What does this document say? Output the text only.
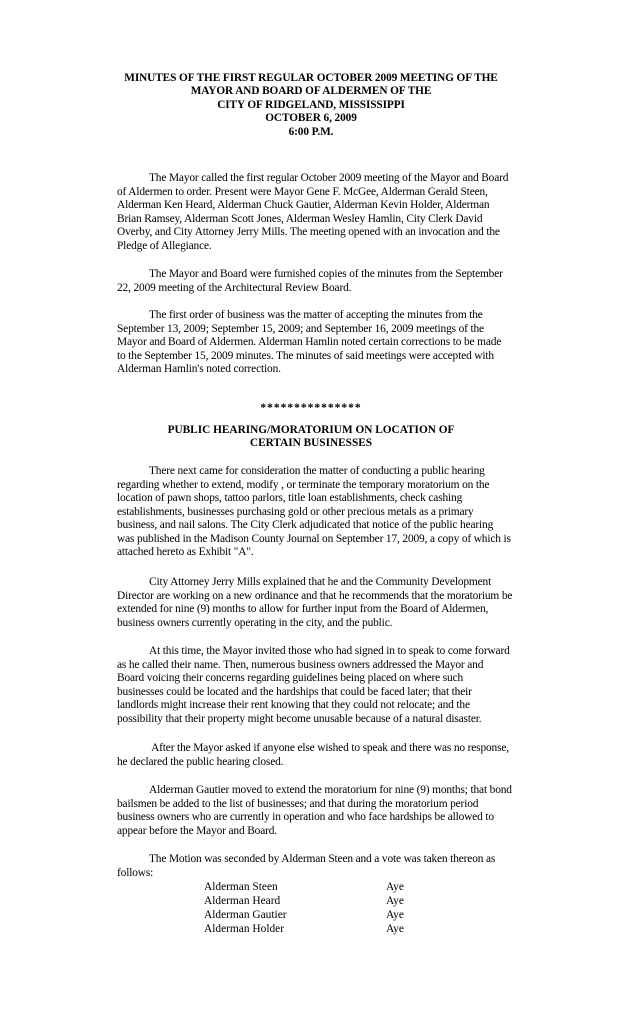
MINUTES OF THE FIRST REGULAR OCTOBER 2009 MEETING OF THE
MAYOR AND BOARD OF ALDERMEN OF THE
CITY OF RIDGELAND, MISSISSIPPI
OCTOBER 6, 2009
6:00 P.M.
The Mayor called the first regular October 2009 meeting of the Mayor and Board
of Aldermen to order. Present were Mayor Gene F. McGee, Alderman Gerald Steen,
Alderman Ken Heard, Alderman Chuck Gautier, Alderman Kevin Holder, Alderman
Brian Ramsey, Alderman Scott Jones, Alderman Wesley Hamlin, City Clerk David
Overby, and City Attorney Jerry Mills. The meeting opened with an invocation and the
Pledge of Allegiance.
The Mayor and Board were furnished copies of the minutes from the September
22, 2009 meeting of the Architectural Review Board.
The first order of business was the matter of accepting the minutes from the
September 13, 2009; September 15, 2009; and September 16, 2009 meetings of the
Mayor and Board of Aldermen. Alderman Hamlin noted certain corrections to be made
to the September 15, 2009 minutes. The minutes of said meetings were accepted with
Alderman Hamlin's noted correction.
***************
PUBLIC HEARING/MORATORIUM ON LOCATION OF
CERTAIN BUSINESSES
There next came for consideration the matter of conducting a public hearing
regarding whether to extend, modify , or terminate the temporary moratorium on the
location of pawn shops, tattoo parlors, title loan establishments, check cashing
establishments, businesses purchasing gold or other precious metals as a primary
business, and nail salons. The City Clerk adjudicated that notice of the public hearing
was published in the Madison County Journal on September 17, 2009, a copy of which is
attached hereto as Exhibit "A".
City Attorney Jerry Mills explained that he and the Community Development
Director are working on a new ordinance and that he recommends that the moratorium be
extended for nine (9) months to allow for further input from the Board of Aldermen,
business owners currently operating in the city, and the public.
At this time, the Mayor invited those who had signed in to speak to come forward
as he called their name. Then, numerous business owners addressed the Mayor and
Board voicing their concerns regarding guidelines being placed on where such
businesses could be located and the hardships that could be faced later; that their
landlords might increase their rent knowing that they could not relocate; and the
possibility that their property might become unusable because of a natural disaster.
After the Mayor asked if anyone else wished to speak and there was no response,
he declared the public hearing closed.
Alderman Gautier moved to extend the moratorium for nine (9) months; that bond
bailsmen be added to the list of businesses; and that during the moratorium period
business owners who are currently in operation and who face hardships be allowed to
appear before the Mayor and Board.
The Motion was seconded by Alderman Steen and a vote was taken thereon as
follows:
Alderman Steen	Aye
Alderman Heard	Aye
Alderman Gautier	Aye
Alderman Holder	Aye
